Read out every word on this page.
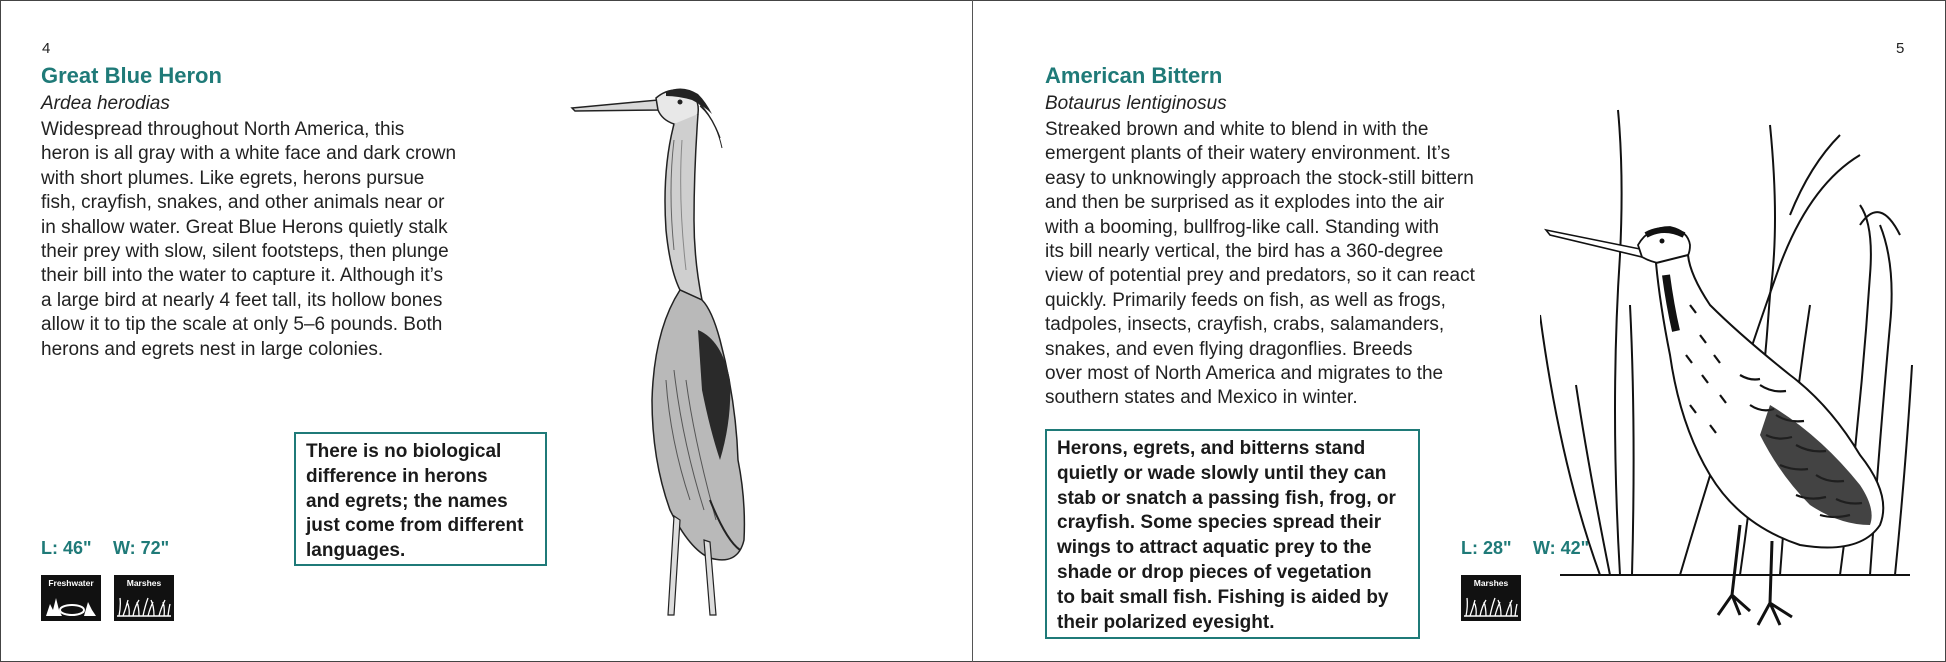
4
Great Blue Heron
Ardea herodias
Widespread throughout North America, this
heron is all gray with a white face and dark crown
with short plumes. Like egrets, herons pursue
fish, crayfish, snakes, and other animals near or
in shallow water. Great Blue Herons quietly stalk
their prey with slow, silent footsteps, then plunge
their bill into the water to capture it. Although it’s
a large bird at nearly 4 feet tall, its hollow bones
allow it to tip the scale at only 5–6 pounds. Both
herons and egrets nest in large colonies.
There is no biological
difference in herons
and egrets; the names
just come from different
languages.
L: 46" W: 72"
Freshwater	Marshes
5
American Bittern
Botaurus lentiginosus
Streaked brown and white to blend in with the
emergent plants of their watery environment. It’s
easy to unknowingly approach the stock-still bittern
and then be surprised as it explodes into the air
with a booming, bullfrog-like call. Standing with
its bill nearly vertical, the bird has a 360-degree
view of potential prey and predators, so it can react
quickly. Primarily feeds on fish, as well as frogs,
tadpoles, insects, crayfish, crabs, salamanders,
snakes, and even flying dragonflies. Breeds
over most of North America and migrates to the
southern states and Mexico in winter.
Herons, egrets, and bitterns stand
quietly or wade slowly until they can
stab or snatch a passing fish, frog, or
crayfish. Some species spread their
wings to attract aquatic prey to the
shade or drop pieces of vegetation
to bait small fish. Fishing is aided by
their polarized eyesight.
L: 28" W: 42"
Marshes
